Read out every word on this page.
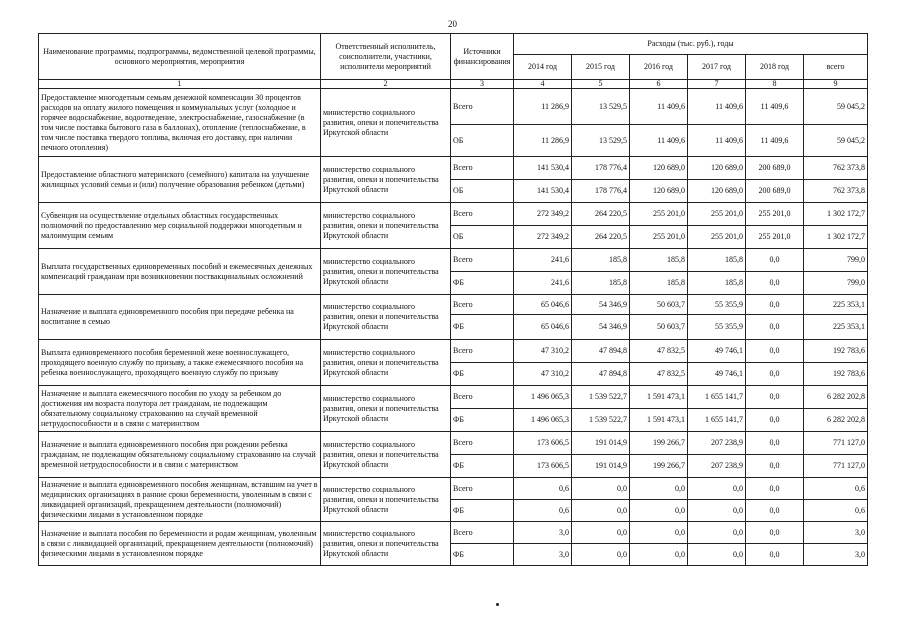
20
Наименование программы, подпрограммы, ведомственной целевой программы, основного мероприятия, мероприятия	Ответственный исполнитель, соисполнители, участники, исполнители мероприятий	Источники финансирования	Расходы (тыс. руб.), годы					
			2014 год	2015 год	2016 год	2017 год	2018 год	всего
1	2	3	4	5	6	7	8	9
Предоставление многодетным семьям денежной компенсации 30 процентов расходов на оплату жилого помещения и коммунальных услуг (холодное и горячее водоснабжение, водоотведение, электроснабжение, газоснабжение (в том числе поставка бытового газа в баллонах), отопление (теплоснабжение, в том числе поставка твердого топлива, включая его доставку, при наличии печного отопления)	министерство социального развития, опеки и попечительства Иркутской области	Всего	11 286,9	13 529,5	11 409,6	11 409,6	11 409,6	59 045,2
		ОБ	11 286,9	13 529,5	11 409,6	11 409,6	11 409,6	59 045,2
Предоставление областного материнского (семейного) капитала на улучшение жилищных условий семьи и (или) получение образования ребенком (детьми)	министерство социального развития, опеки и попечительства Иркутской области	Всего	141 530,4	178 776,4	120 689,0	120 689,0	200 689,0	762 373,8
		ОБ	141 530,4	178 776,4	120 689,0	120 689,0	200 689,0	762 373,8
Субвенция на осуществление отдельных областных государственных полномочий по предоставлению мер социальной поддержки многодетным и малоимущим семьям	министерство социального развития, опеки и попечительства Иркутской области	Всего	272 349,2	264 220,5	255 201,0	255 201,0	255 201,0	1 302 172,7
		ОБ	272 349,2	264 220,5	255 201,0	255 201,0	255 201,0	1 302 172,7
Выплата государственных единовременных пособий и ежемесячных денежных компенсаций гражданам при возникновении поствакцинальных осложнений	министерство социального развития, опеки и попечительства Иркутской области	Всего	241,6	185,8	185,8	185,8	0,0	799,0
		ФБ	241,6	185,8	185,8	185,8	0,0	799,0
Назначение и выплата единовременного пособия при передаче ребенка на воспитание в семью	министерство социального развития, опеки и попечительства Иркутской области	Всего	65 046,6	54 346,9	50 603,7	55 355,9	0,0	225 353,1
		ФБ	65 046,6	54 346,9	50 603,7	55 355,9	0,0	225 353,1
Выплата единовременного пособия беременной жене военнослужащего, проходящего военную службу по призыву, а также ежемесячного пособия на ребенка военнослужащего, проходящего военную службу по призыву	министерство социального развития, опеки и попечительства Иркутской области	Всего	47 310,2	47 894,8	47 832,5	49 746,1	0,0	192 783,6
		ФБ	47 310,2	47 894,8	47 832,5	49 746,1	0,0	192 783,6
Назначение и выплата ежемесячного пособия по уходу за ребенком до достижения им возраста полутора лет гражданам, не подлежащим обязательному социальному страхованию на случай временной нетрудоспособности и в связи с материнством	министерство социального развития, опеки и попечительства Иркутской области	Всего	1 496 065,3	1 539 522,7	1 591 473,1	1 655 141,7	0,0	6 282 202,8
		ФБ	1 496 065,3	1 539 522,7	1 591 473,1	1 655 141,7	0,0	6 282 202,8
Назначение и выплата единовременного пособия при рождении ребенка гражданам, не подлежащим обязательному социальному страхованию на случай временной нетрудоспособности и в связи с материнством	министерство социального развития, опеки и попечительства Иркутской области	Всего	173 606,5	191 014,9	199 266,7	207 238,9	0,0	771 127,0
		ФБ	173 606,5	191 014,9	199 266,7	207 238,9	0,0	771 127,0
Назначение и выплата единовременного пособия женщинам, вставшим на учет в медицинских организациях в ранние сроки беременности, уволенным в связи с ликвидацией организаций, прекращением деятельности (полномочий) физическими лицами в установленном порядке	министерство социального развития, опеки и попечительства Иркутской области	Всего	0,6	0,0	0,0	0,0	0,0	0,6
		ФБ	0,6	0,0	0,0	0,0	0,0	0,6
Назначение и выплата пособия по беременности и родам женщинам, уволенным в связи с ликвидацией организаций, прекращением деятельности (полномочий) физическими лицами в установленном порядке	министерство социального развития, опеки и попечительства Иркутской области	Всего	3,0	0,0	0,0	0,0	0,0	3,0
		ФБ	3,0	0,0	0,0	0,0	0,0	3,0
